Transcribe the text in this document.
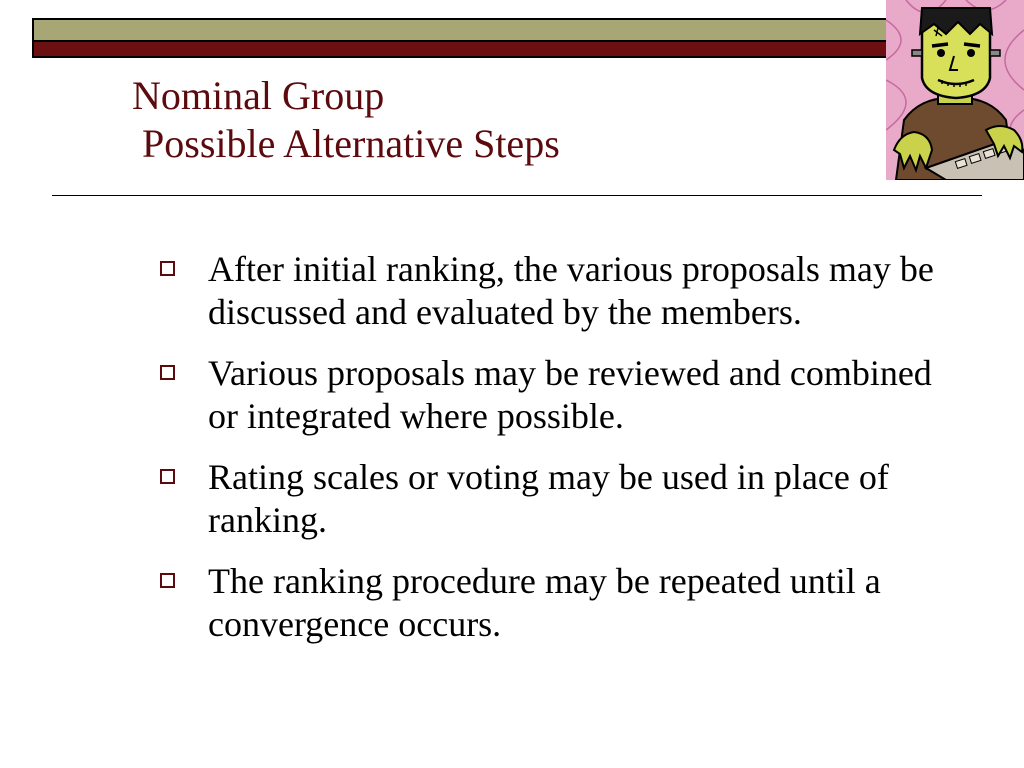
Nominal Group
Possible Alternative Steps
After initial ranking, the various proposals may be discussed and evaluated by the members.
Various proposals may be reviewed and combined or integrated where possible.
Rating scales or voting may be used in place of ranking.
The ranking procedure may be repeated until a convergence occurs.
